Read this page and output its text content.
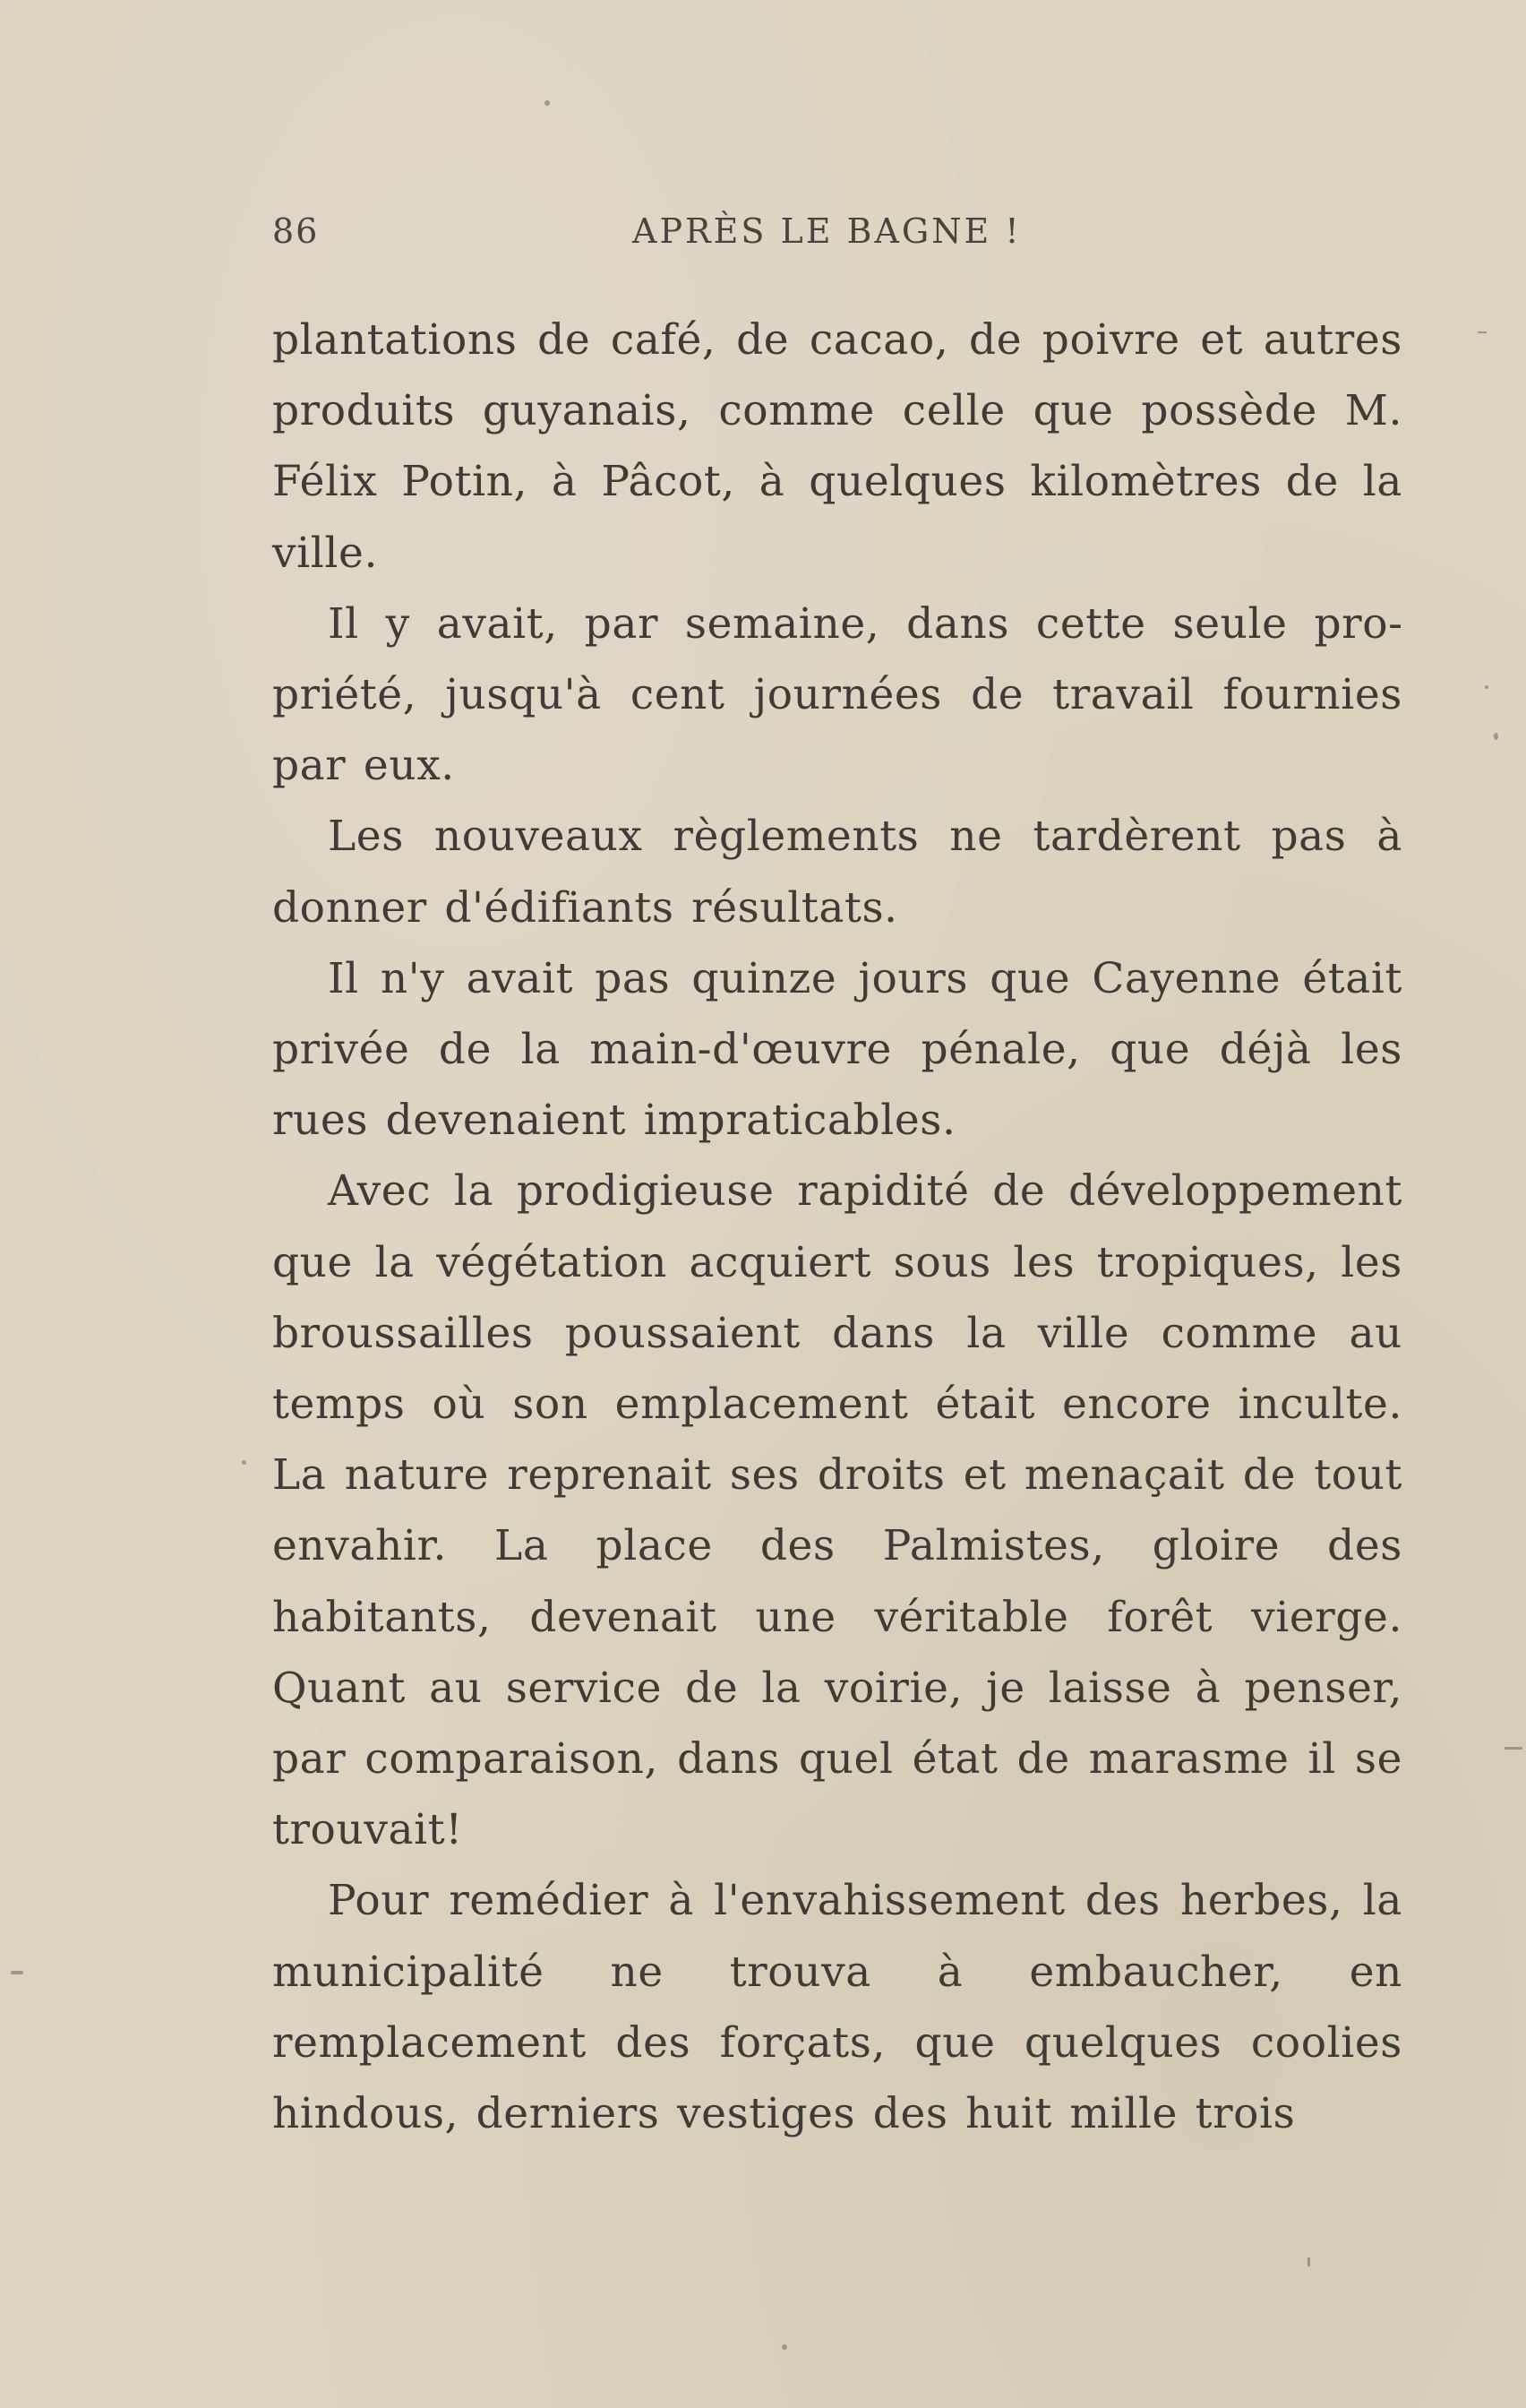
86	APRÈS LE BAGNE !

plantations de café, de cacao, de poivre et autres produits guyanais, comme celle que possède M. Félix Potin, à Pâcot, à quelques kilomètres de la ville.

Il y avait, par semaine, dans cette seule propriété, jusqu'à cent journées de travail fournies par eux.

Les nouveaux règlements ne tardèrent pas à donner d'édifiants résultats.

Il n'y avait pas quinze jours que Cayenne était privée de la main-d'œuvre pénale, que déjà les rues devenaient impraticables.

Avec la prodigieuse rapidité de développement que la végétation acquiert sous les tropiques, les broussailles poussaient dans la ville comme au temps où son emplacement était encore inculte. La nature reprenait ses droits et menaçait de tout envahir. La place des Palmistes, gloire des habitants, devenait une véritable forêt vierge. Quant au service de la voirie, je laisse à penser, par comparaison, dans quel état de marasme il se trouvait!

Pour remédier à l'envahissement des herbes, la municipalité ne trouva à embaucher, en remplacement des forçats, que quelques coolies hindous, derniers vestiges des huit mille trois
